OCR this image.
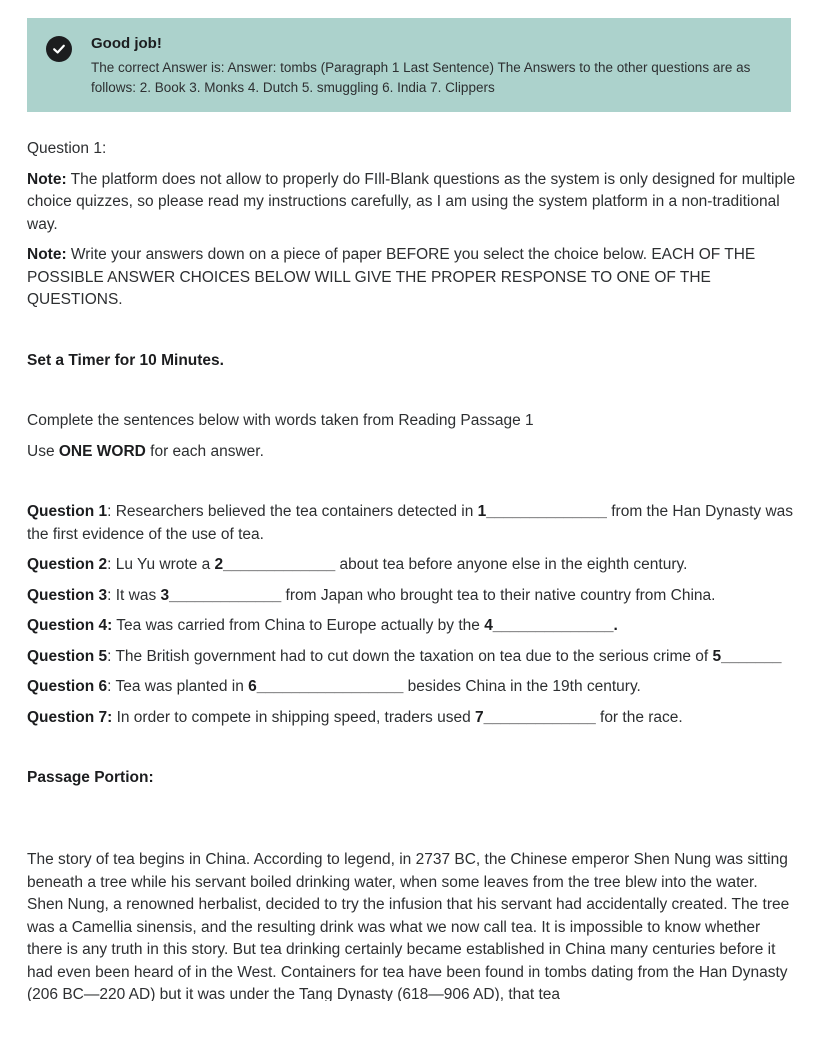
Good job!
The correct Answer is: Answer: tombs (Paragraph 1 Last Sentence) The Answers to the other questions are as follows: 2. Book 3. Monks 4. Dutch 5. smuggling 6. India 7. Clippers

Question 1:

Note: The platform does not allow to properly do FIll-Blank questions as the system is only designed for multiple choice quizzes, so please read my instructions carefully, as I am using the system platform in a non-traditional way.

Note: Write your answers down on a piece of paper BEFORE you select the choice below. EACH OF THE POSSIBLE ANSWER CHOICES BELOW WILL GIVE THE PROPER RESPONSE TO ONE OF THE QUESTIONS.

Set a Timer for 10 Minutes.

Complete the sentences below with words taken from Reading Passage 1

Use ONE WORD for each answer.

Question 1: Researchers believed the tea containers detected in 1______________ from the Han Dynasty was the first evidence of the use of tea.

Question 2: Lu Yu wrote a 2_____________ about tea before anyone else in the eighth century.

Question 3: It was 3_____________ from Japan who brought tea to their native country from China.

Question 4: Tea was carried from China to Europe actually by the 4______________.

Question 5: The British government had to cut down the taxation on tea due to the serious crime of 5_______

Question 6: Tea was planted in 6_________________ besides China in the 19th century.

Question 7: In order to compete in shipping speed, traders used 7_____________ for the race.

Passage Portion:

The story of tea begins in China. According to legend, in 2737 BC, the Chinese emperor Shen Nung was sitting beneath a tree while his servant boiled drinking water, when some leaves from the tree blew into the water. Shen Nung, a renowned herbalist, decided to try the infusion that his servant had accidentally created. The tree was a Camellia sinensis, and the resulting drink was what we now call tea. It is impossible to know whether there is any truth in this story. But tea drinking certainly became established in China many centuries before it had even been heard of in the West. Containers for tea have been found in tombs dating from the Han Dynasty (206 BC—220 AD) but it was under the Tang Dynasty (618—906 AD), that tea
